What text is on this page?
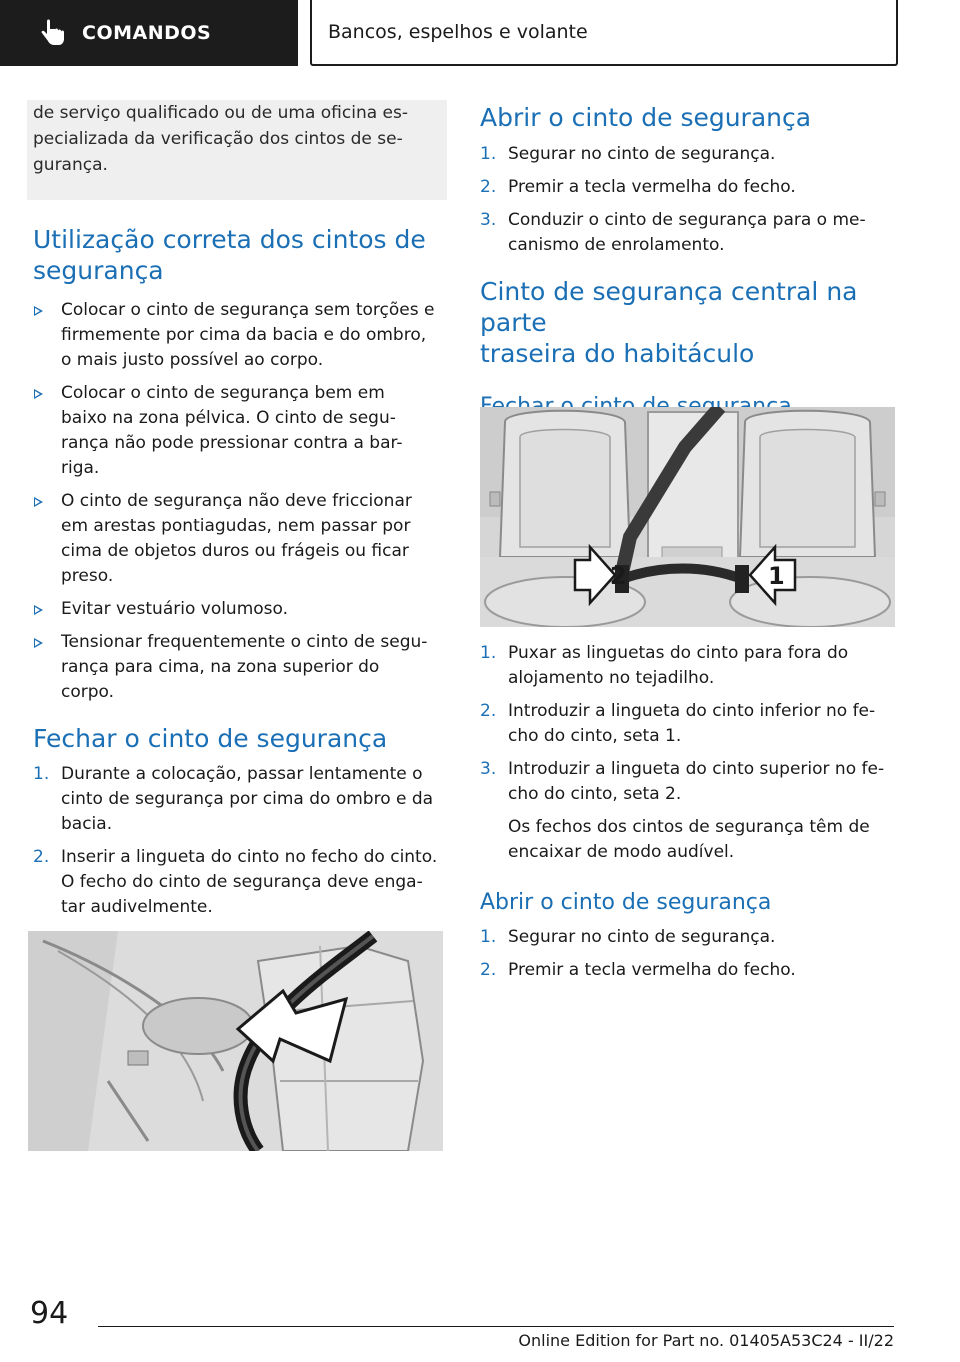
COMANDOS	Bancos, espelhos e volante
de serviço qualificado ou de uma oficina es-
pecializada da verificação dos cintos de se-
gurança.
Utilização correta dos cintos de
segurança
Colocar o cinto de segurança sem torções e
firmemente por cima da bacia e do ombro,
o mais justo possível ao corpo.
Colocar o cinto de segurança bem em
baixo na zona pélvica. O cinto de segu-
rança não pode pressionar contra a bar-
riga.
O cinto de segurança não deve friccionar
em arestas pontiagudas, nem passar por
cima de objetos duros ou frágeis ou ficar
preso.
Evitar vestuário volumoso.
Tensionar frequentemente o cinto de segu-
rança para cima, na zona superior do
corpo.
Fechar o cinto de segurança
1. Durante a colocação, passar lentamente o
cinto de segurança por cima do ombro e da
bacia.
2. Inserir a lingueta do cinto no fecho do cinto.
O fecho do cinto de segurança deve enga-
tar audivelmente.
Abrir o cinto de segurança
1. Segurar no cinto de segurança.
2. Premir a tecla vermelha do fecho.
3. Conduzir o cinto de segurança para o me-
canismo de enrolamento.
Cinto de segurança central na parte
traseira do habitáculo
2	1
1. Puxar as linguetas do cinto para fora do
alojamento no tejadilho.
2. Introduzir a lingueta do cinto inferior no fe-
cho do cinto, seta 1.
3. Introduzir a lingueta do cinto superior no fe-
cho do cinto, seta 2.
Os fechos dos cintos de segurança têm de
encaixar de modo audível.
Abrir o cinto de segurança
1. Segurar no cinto de segurança.
2. Premir a tecla vermelha do fecho.
94
Online Edition for Part no. 01405A53C24 - II/22
